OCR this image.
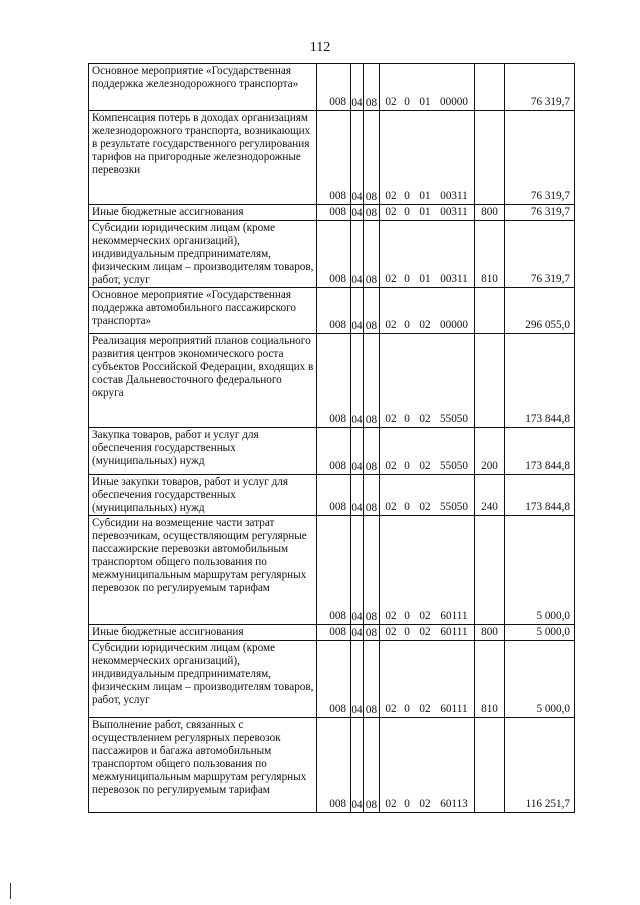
112
Основное мероприятие «Государственная поддержка железнодорожного транспорта»	008	04	08	02 0 01 00000		76 319,7
Компенсация потерь в доходах организациям железнодорожного транспорта, возникающих в результате государственного регулирования тарифов на пригородные железнодорожные перевозки	008	04	08	02 0 01 00311		76 319,7
Иные бюджетные ассигнования	008	04	08	02 0 01 00311	800	76 319,7
Субсидии юридическим лицам (кроме некоммерческих организаций), индивидуальным предпринимателям, физическим лицам – производителям товаров, работ, услуг	008	04	08	02 0 01 00311	810	76 319,7
Основное мероприятие «Государственная поддержка автомобильного пассажирского транспорта»	008	04	08	02 0 02 00000		296 055,0
Реализация мероприятий планов социального развития центров экономического роста субъектов Российской Федерации, входящих в состав Дальневосточного федерального округа	008	04	08	02 0 02 55050		173 844,8
Закупка товаров, работ и услуг для обеспечения государственных (муниципальных) нужд	008	04	08	02 0 02 55050	200	173 844,8
Иные закупки товаров, работ и услуг для обеспечения государственных (муниципальных) нужд	008	04	08	02 0 02 55050	240	173 844,8
Субсидии на возмещение части затрат перевозчикам, осуществляющим регулярные пассажирские перевозки автомобильным транспортом общего пользования по межмуниципальным маршрутам регулярных перевозок по регулируемым тарифам	008	04	08	02 0 02 60111		5 000,0
Иные бюджетные ассигнования	008	04	08	02 0 02 60111	800	5 000,0
Субсидии юридическим лицам (кроме некоммерческих организаций), индивидуальным предпринимателям, физическим лицам – производителям товаров, работ, услуг	008	04	08	02 0 02 60111	810	5 000,0
Выполнение работ, связанных с осуществлением регулярных перевозок пассажиров и багажа автомобильным транспортом общего пользования по межмуниципальным маршрутам регулярных перевозок по регулируемым тарифам	008	04	08	02 0 02 60113		116 251,7
